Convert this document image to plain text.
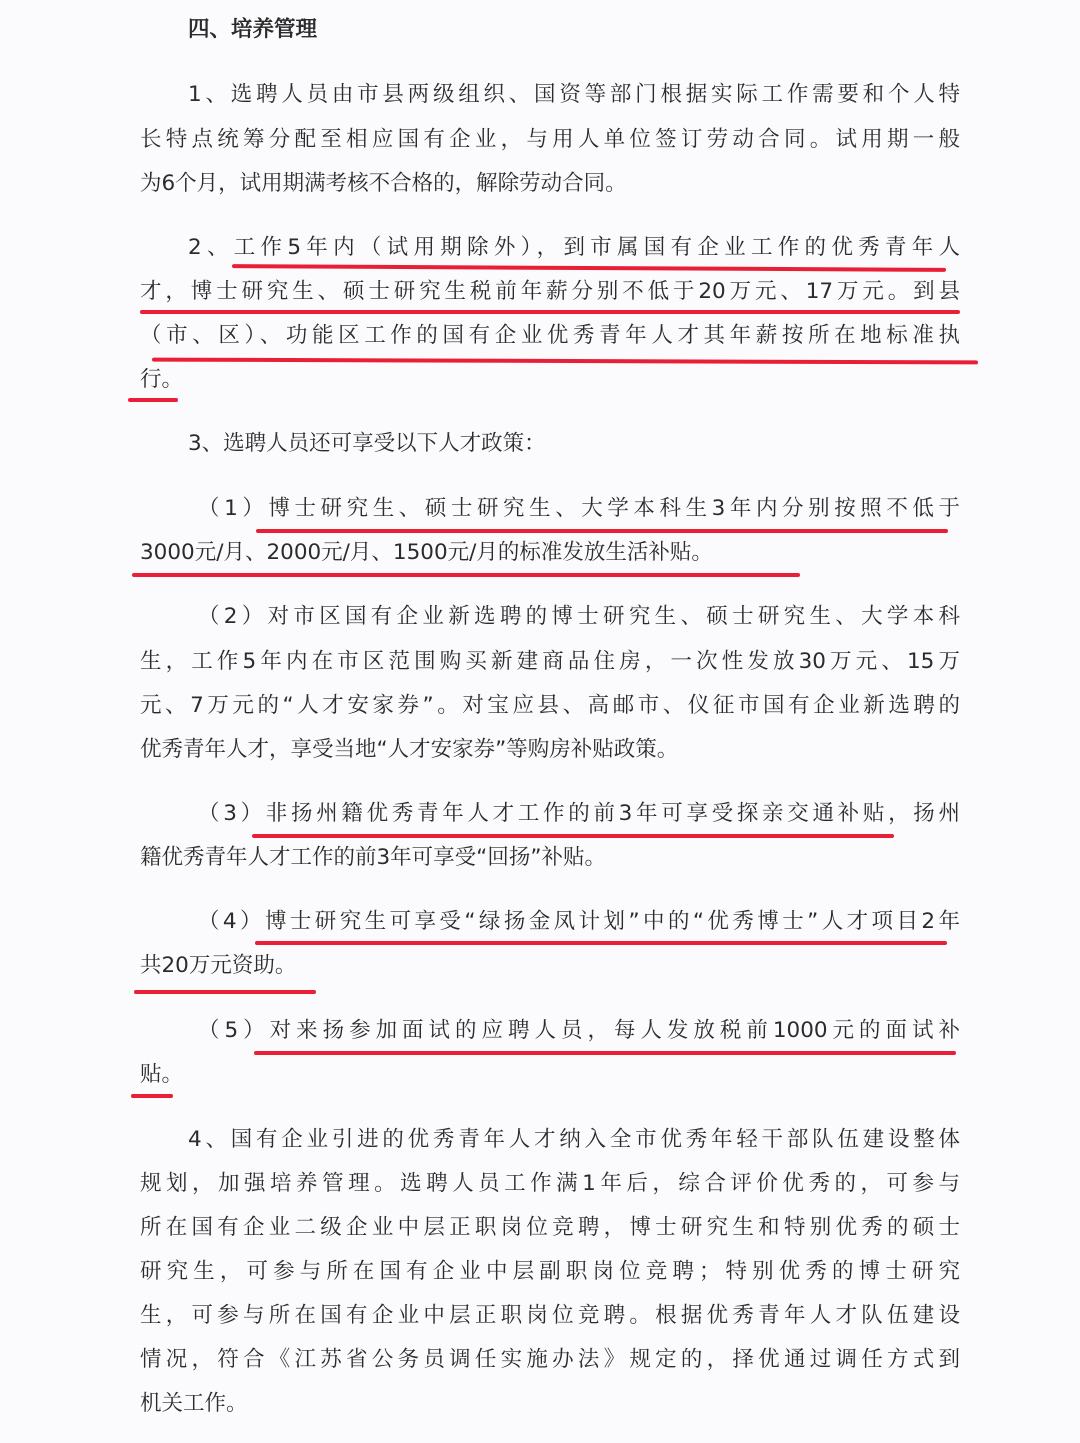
四、培养管理
1、选聘人员由市县两级组织、国资等部门根据实际工作需要和个人特
长特点统筹分配至相应国有企业，与用人单位签订劳动合同。试用期一般
为6个月，试用期满考核不合格的，解除劳动合同。
2、工作5年内（试用期除外），到市属国有企业工作的优秀青年人
才，博士研究生、硕士研究生税前年薪分别不低于20万元、17万元。到县
（市、区）、功能区工作的国有企业优秀青年人才其年薪按所在地标准执
行。
3、选聘人员还可享受以下人才政策：
（1）博士研究生、硕士研究生、大学本科生3年内分别按照不低于
3000元/月、2000元/月、1500元/月的标准发放生活补贴。
（2）对市区国有企业新选聘的博士研究生、硕士研究生、大学本科
生，工作5年内在市区范围购买新建商品住房，一次性发放30万元、15万
元、7万元的“人才安家券”。对宝应县、高邮市、仪征市国有企业新选聘的
优秀青年人才，享受当地“人才安家券”等购房补贴政策。
（3）非扬州籍优秀青年人才工作的前3年可享受探亲交通补贴，扬州
籍优秀青年人才工作的前3年可享受“回扬”补贴。
（4）博士研究生可享受“绿扬金凤计划”中的“优秀博士”人才项目2年
共20万元资助。
（5）对来扬参加面试的应聘人员，每人发放税前1000元的面试补
贴。
4、国有企业引进的优秀青年人才纳入全市优秀年轻干部队伍建设整体
规划，加强培养管理。选聘人员工作满1年后，综合评价优秀的，可参与
所在国有企业二级企业中层正职岗位竞聘，博士研究生和特别优秀的硕士
研究生，可参与所在国有企业中层副职岗位竞聘；特别优秀的博士研究
生，可参与所在国有企业中层正职岗位竞聘。根据优秀青年人才队伍建设
情况，符合《江苏省公务员调任实施办法》规定的，择优通过调任方式到
机关工作。
